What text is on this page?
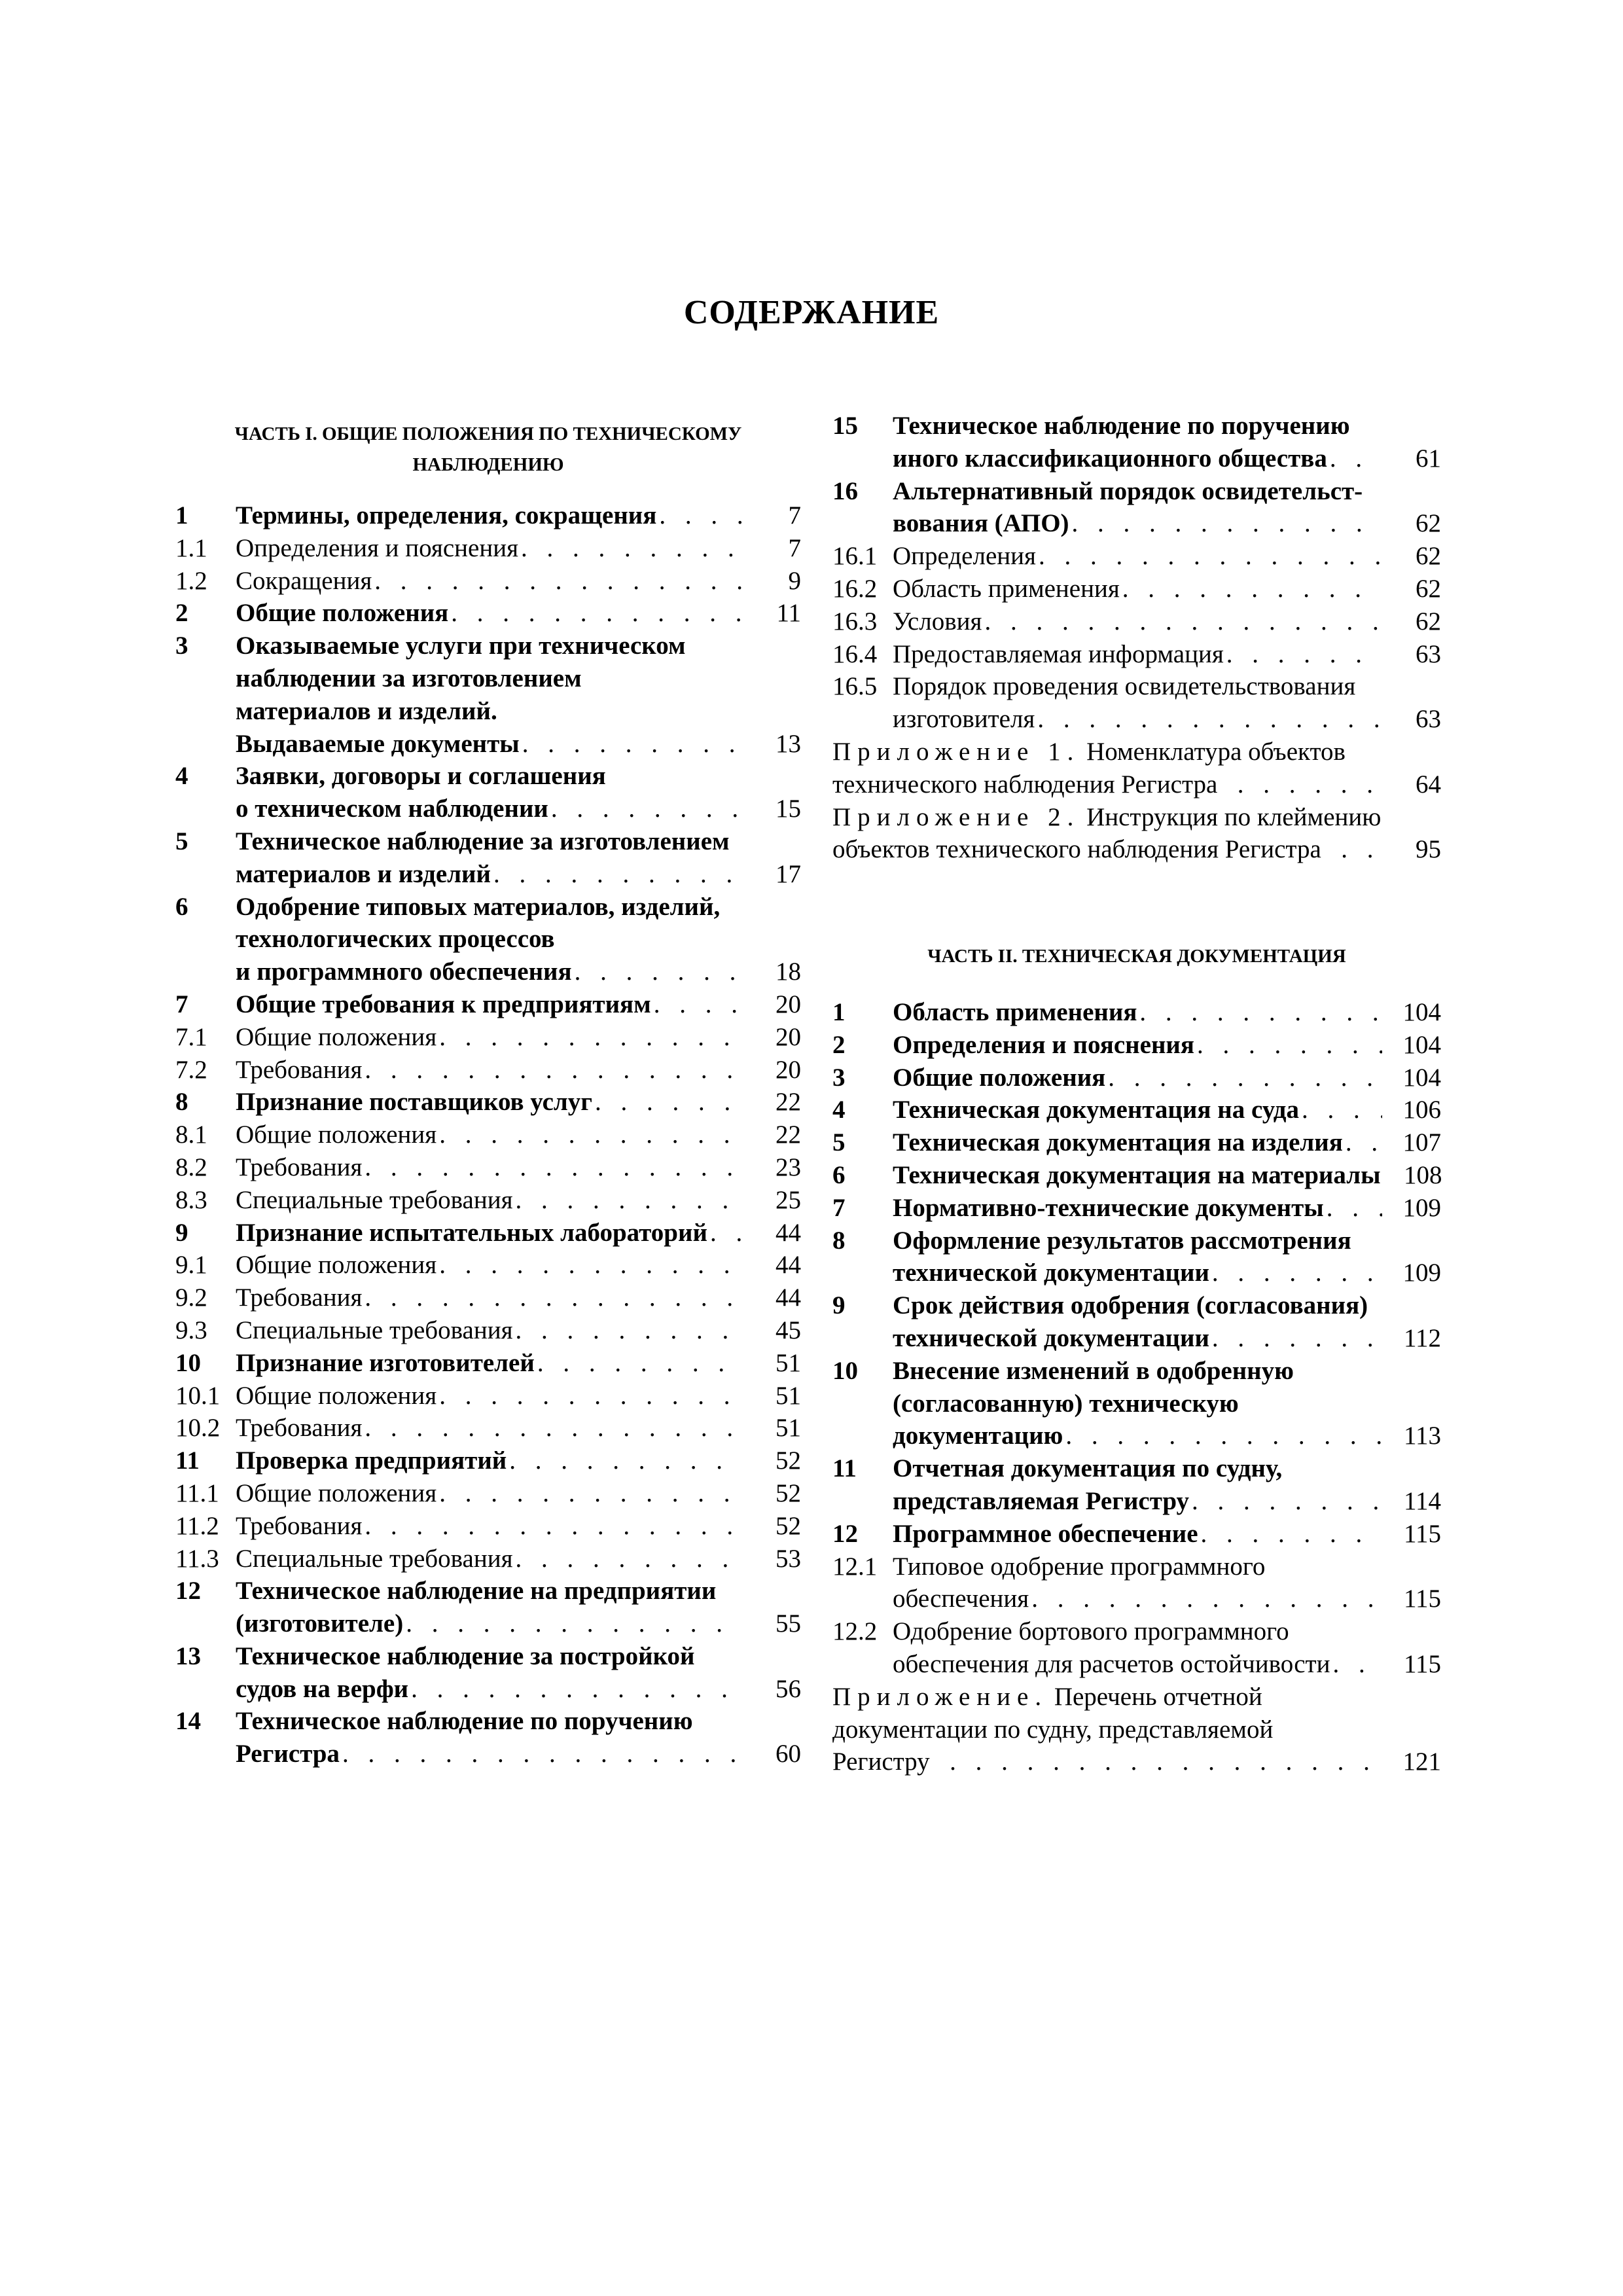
СОДЕРЖАНИЕ
ЧАСТЬ I. ОБЩИЕ ПОЛОЖЕНИЯ ПО ТЕХНИЧЕСКОМУ
НАБЛЮДЕНИЮ
1	Термины, определения, сокращения . . .	7
1.1	Определения и пояснения . . .	7
1.2	Сокращения . . .	9
2	Общие положения . . .	11
3	Оказываемые услуги при техническом
наблюдении за изготовлением
материалов и изделий.
Выдаваемые документы . . .	13
4	Заявки, договоры и соглашения
о техническом наблюдении . . .	15
5	Техническое наблюдение за изготовлением
материалов и изделий . . .	17
6	Одобрение типовых материалов, изделий,
технологических процессов
и программного обеспечения . . .	18
7	Общие требования к предприятиям . . .	20
7.1	Общие положения . . .	20
7.2	Требования . . .	20
8	Признание поставщиков услуг . . .	22
8.1	Общие положения . . .	22
8.2	Требования . . .	23
8.3	Специальные требования . . .	25
9	Признание испытательных лабораторий . . .	44
9.1	Общие положения . . .	44
9.2	Требования . . .	44
9.3	Специальные требования . . .	45
10	Признание изготовителей . . .	51
10.1 Общие положения . . .	51
10.2 Требования . . .	51
11	Проверка предприятий . . .	52
11.1 Общие положения . . .	52
11.2 Требования . . .	52
11.3 Специальные требования . . .	53
12	Техническое наблюдение на предприятии
(изготовителе) . . .	55
13	Техническое наблюдение за постройкой
судов на верфи . . .	56
14	Техническое наблюдение по поручению
Регистра . . .	60
15	Техническое наблюдение по поручению
иного классификационного общества . . .	61
16	Альтернативный порядок освидетельст-
вования (АПО) . . .	62
16.1 Определения . . .	62
16.2 Область применения . . .	62
16.3 Условия . . .	62
16.4 Предоставляемая информация . . .	63
16.5 Порядок проведения освидетельствования
изготовителя . . .	63
Приложение 1. Номенклатура объектов
технического наблюдения Регистра . . .	64
Приложение 2. Инструкция по клеймению
объектов технического наблюдения Регистра . . .	95
ЧАСТЬ II. ТЕХНИЧЕСКАЯ ДОКУМЕНТАЦИЯ
1	Область применения . . .	104
2	Определения и пояснения . . .	104
3	Общие положения . . .	104
4	Техническая документация на суда . . .	106
5	Техническая документация на изделия . . .	107
6	Техническая документация на материалы 108
7	Нормативно-технические документы . . .	109
8	Оформление результатов рассмотрения
технической документации . . .	109
9	Срок действия одобрения (согласования)
технической документации . . .	112
10	Внесение изменений в одобренную
(согласованную) техническую
документацию . . .	113
11	Отчетная документация по судну,
представляемая Регистру . . .	114
12	Программное обеспечение . . .	115
12.1 Типовое одобрение программного
обеспечения . . .	115
12.2 Одобрение бортового программного
обеспечения для расчетов остойчивости . . .	115
Приложение. Перечень отчетной
документации по судну, представляемой
Регистру . . .	121
